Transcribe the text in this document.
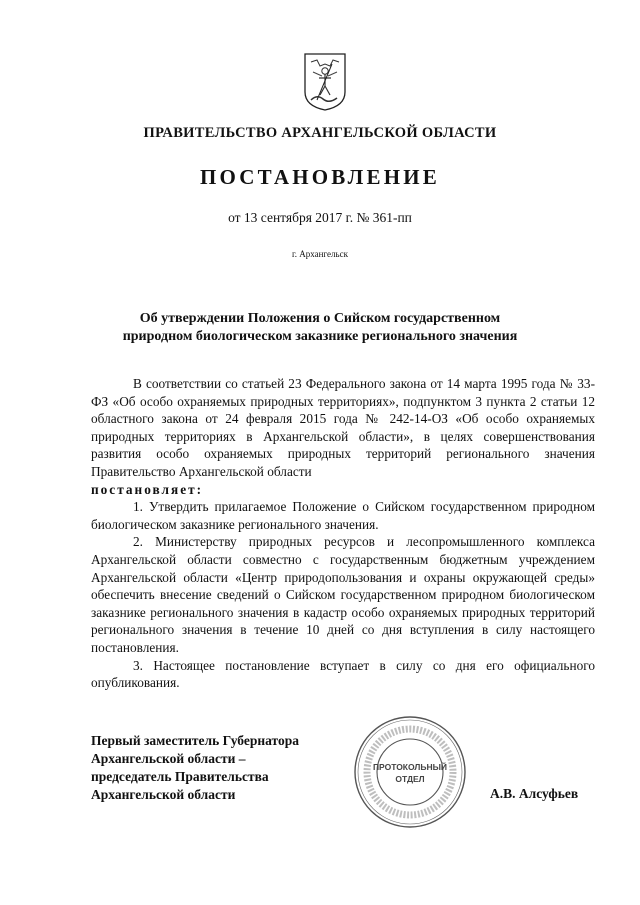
ПРАВИТЕЛЬСТВО АРХАНГЕЛЬСКОЙ ОБЛАСТИ
ПОСТАНОВЛЕНИЕ
от 13 сентября 2017 г. № 361-пп
г. Архангельск
Об утверждении Положения о Сийском государственном
природном биологическом заказнике регионального значения

В соответствии со статьей 23 Федерального закона от 14 марта 1995 года № 33-ФЗ «Об особо охраняемых природных территориях», подпунктом 3 пункта 2 статьи 12 областного закона от 24 февраля 2015 года № 242-14-ОЗ «Об особо охраняемых природных территориях в Архангельской области», в целях совершенствования развития особо охраняемых природных территорий регионального значения Правительство Архангельской области

постановляет:

1. Утвердить прилагаемое Положение о Сийском государственном природном биологическом заказнике регионального значения.

2. Министерству природных ресурсов и лесопромышленного комплекса Архангельской области совместно с государственным бюджетным учреждением Архангельской области «Центр природопользования и охраны окружающей среды» обеспечить внесение сведений о Сийском государственном природном биологическом заказнике регионального значения в кадастр особо охраняемых природных территорий регионального значения в течение 10 дней со дня вступления в силу настоящего постановления.

3. Настоящее постановление вступает в силу со дня его официального опубликования.

Первый заместитель Губернатора
Архангельской области –
председатель Правительства
Архангельской области
ПРОТОКОЛЬНЫЙ
ОТДЕЛ
А.В. Алсуфьев
